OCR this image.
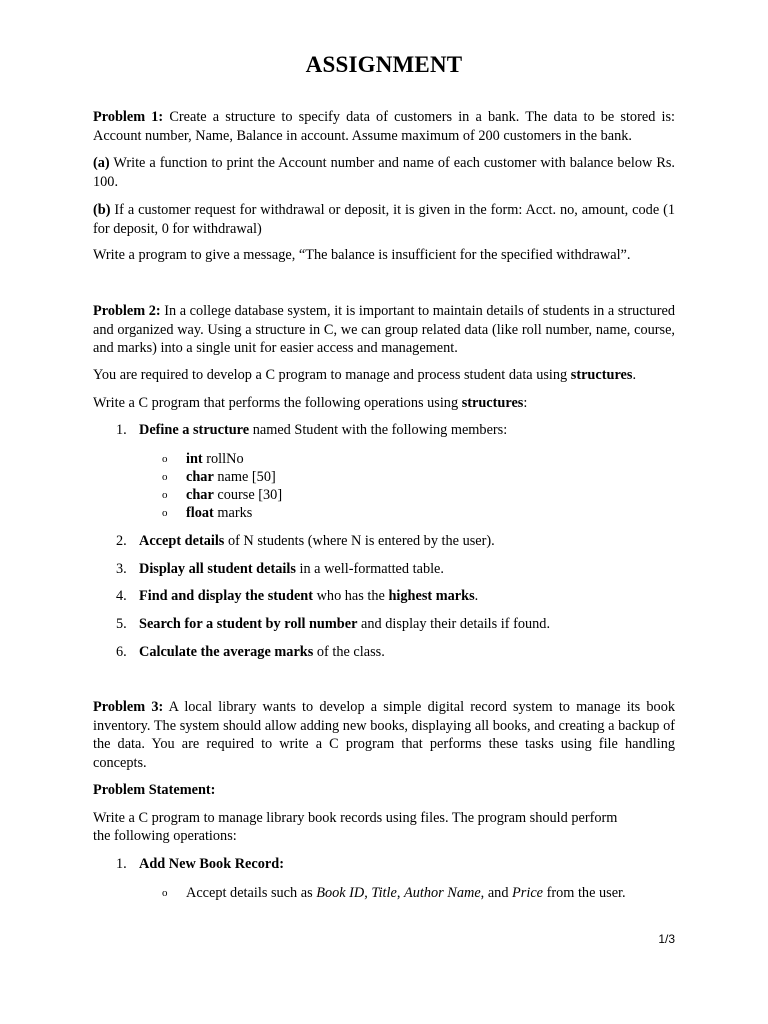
ASSIGNMENT
Problem 1: Create a structure to specify data of customers in a bank. The data to be stored is: Account number, Name, Balance in account. Assume maximum of 200 customers in the bank.
(a) Write a function to print the Account number and name of each customer with balance below Rs. 100.
(b) If a customer request for withdrawal or deposit, it is given in the form: Acct. no, amount, code (1 for deposit, 0 for withdrawal)
Write a program to give a message, “The balance is insufficient for the specified withdrawal”.
Problem 2: In a college database system, it is important to maintain details of students in a structured and organized way. Using a structure in C, we can group related data (like roll number, name, course, and marks) into a single unit for easier access and management.
You are required to develop a C program to manage and process student data using structures.
Write a C program that performs the following operations using structures:
1. Define a structure named Student with the following members:
o int rollNo
o char name [50]
o char course [30]
o float marks
2. Accept details of N students (where N is entered by the user).
3. Display all student details in a well-formatted table.
4. Find and display the student who has the highest marks.
5. Search for a student by roll number and display their details if found.
6. Calculate the average marks of the class.
Problem 3: A local library wants to develop a simple digital record system to manage its book inventory. The system should allow adding new books, displaying all books, and creating a backup of the data. You are required to write a C program that performs these tasks using file handling concepts.
Problem Statement:
Write a C program to manage library book records using files. The program should perform
the following operations:
1. Add New Book Record:
o Accept details such as Book ID, Title, Author Name, and Price from the user.
1/3
